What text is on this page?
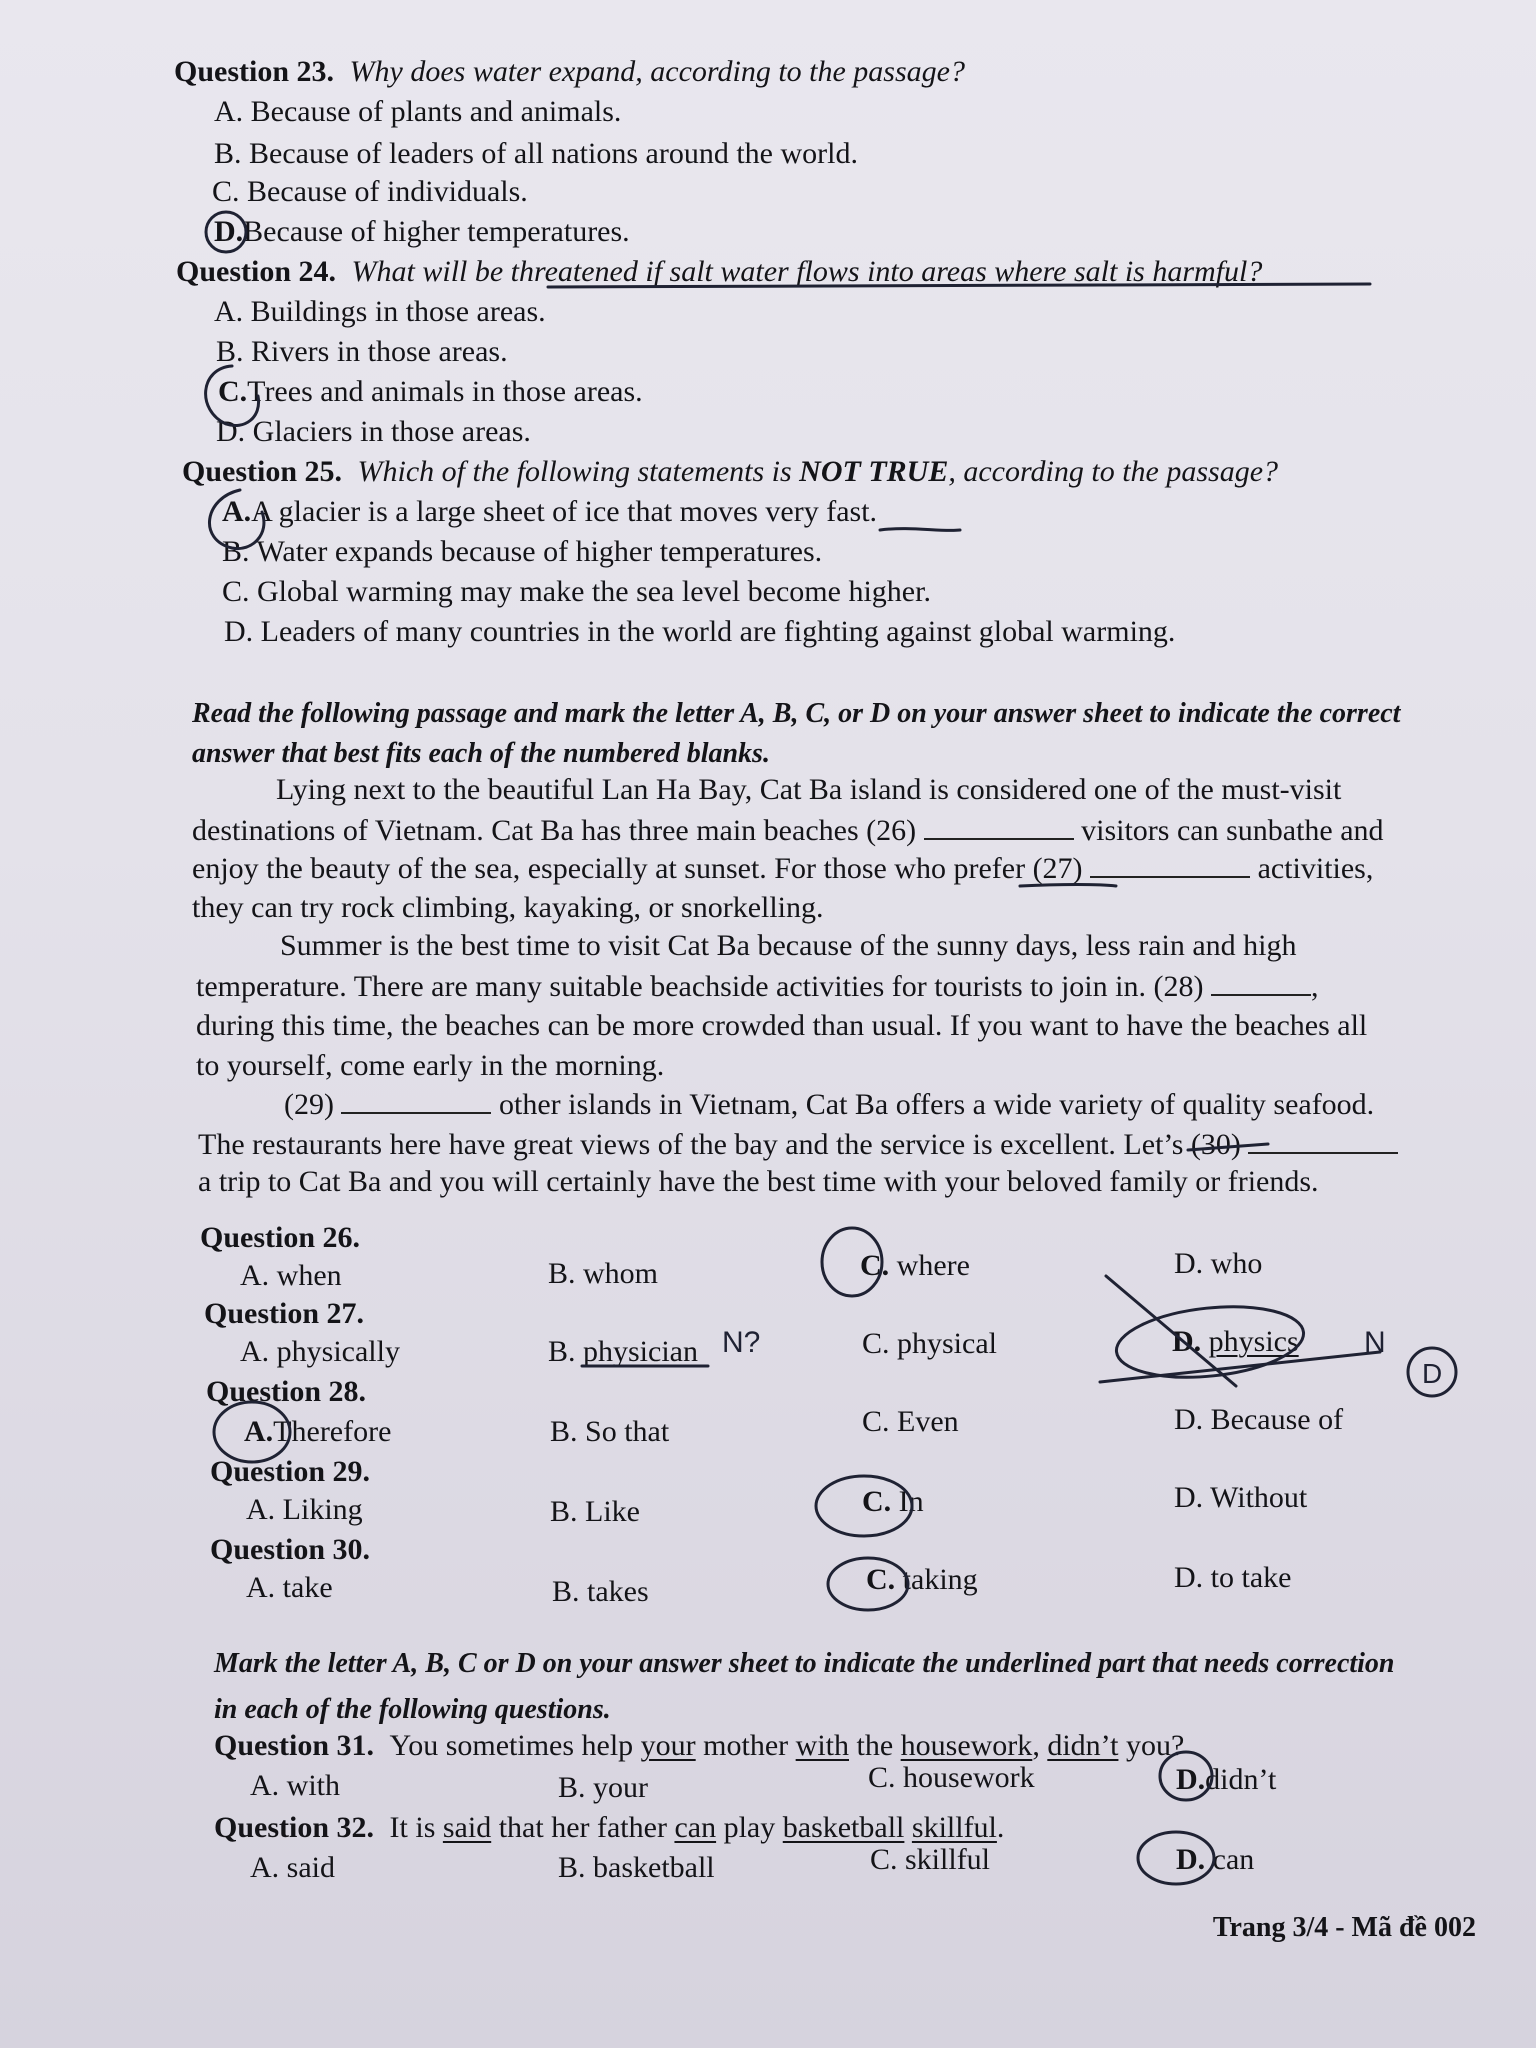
Question 23. Why does water expand, according to the passage?
A. Because of plants and animals.
B. Because of leaders of all nations around the world.
C. Because of individuals.
D.Because of higher temperatures.
Question 24. What will be threatened if salt water flows into areas where salt is harmful?
A. Buildings in those areas.
B. Rivers in those areas.
C.Trees and animals in those areas.
D. Glaciers in those areas.
Question 25. Which of the following statements is NOT TRUE, according to the passage?
A.A glacier is a large sheet of ice that moves very fast.
B. Water expands because of higher temperatures.
C. Global warming may make the sea level become higher.
D. Leaders of many countries in the world are fighting against global warming.
Read the following passage and mark the letter A, B, C, or D on your answer sheet to indicate the correct
answer that best fits each of the numbered blanks.
Lying next to the beautiful Lan Ha Bay, Cat Ba island is considered one of the must-visit
destinations of Vietnam. Cat Ba has three main beaches (26)	visitors can sunbathe and
enjoy the beauty of the sea, especially at sunset. For those who prefer (27)	activities,
they can try rock climbing, kayaking, or snorkelling.
Summer is the best time to visit Cat Ba because of the sunny days, less rain and high
temperature. There are many suitable beachside activities for tourists to join in. (28)	,
during this time, the beaches can be more crowded than usual. If you want to have the beaches all
to yourself, come early in the morning.
(29)	other islands in Vietnam, Cat Ba offers a wide variety of quality seafood.
The restaurants here have great views of the bay and the service is excellent. Let’s (30)
a trip to Cat Ba and you will certainly have the best time with your beloved family or friends.
Question 26.
A. when	B. whom	C. where	D. who
Question 27.
A. physically	B. physician	C. physical	D. physics
Question 28.
A.Therefore	B. So that	C. Even	D. Because of
Question 29.
A. Liking	B. Like	C. In	D. Without
Question 30.
A. take	B. takes	C. taking	D. to take
Mark the letter A, B, C or D on your answer sheet to indicate the underlined part that needs correction
in each of the following questions.
Question 31. You sometimes help your mother with the housework, didn’t you?
A. with	B. your	C. housework	D.didn’t
Question 32. It is said that her father can play basketball skillful.
A. said	B. basketball	C. skillful	D. can
Trang 3/4 - Mã đề 002
N?	N
D
